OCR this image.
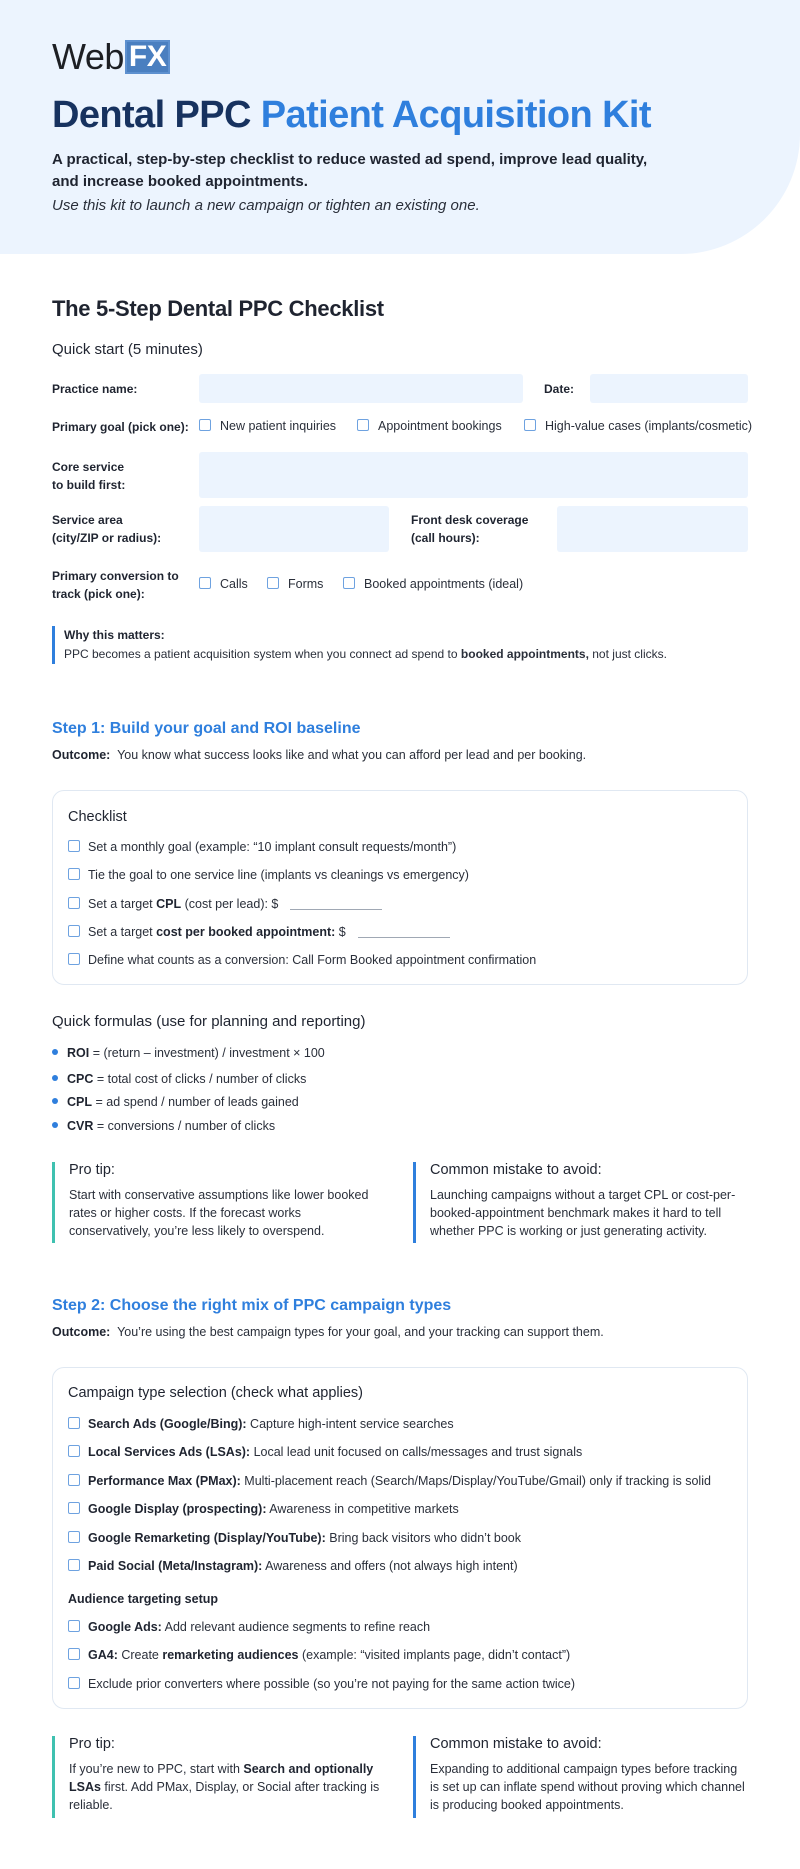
Web FX
Dental PPC Patient Acquisition Kit
A practical, step-by-step checklist to reduce wasted ad spend, improve lead quality, and increase booked appointments.
Use this kit to launch a new campaign or tighten an existing one.
The 5-Step Dental PPC Checklist
Quick start (5 minutes)
Practice name:	Date:
Primary goal (pick one):	New patient inquiries	Appointment bookings	High-value cases (implants/cosmetic)
Core service
to build first:
Service area
(city/ZIP or radius):
Front desk coverage
(call hours):
Primary conversion to
track (pick one):
Calls	Forms	Booked appointments (ideal)
Why this matters:
PPC becomes a patient acquisition system when you connect ad spend to booked appointments, not just clicks.
Step 1: Build your goal and ROI baseline
Outcome: You know what success looks like and what you can afford per lead and per booking.
Checklist
Set a monthly goal (example: “10 implant consult requests/month”)
Tie the goal to one service line (implants vs cleanings vs emergency)
Set a target CPL (cost per lead): $
Set a target cost per booked appointment: $
Define what counts as a conversion: Call Form Booked appointment confirmation
Quick formulas (use for planning and reporting)
ROI = (return – investment) / investment × 100
CPC = total cost of clicks / number of clicks
CPL = ad spend / number of leads gained
CVR = conversions / number of clicks
Pro tip:
Start with conservative assumptions like lower booked rates or higher costs. If the forecast works conservatively, you’re less likely to overspend.
Common mistake to avoid:
Launching campaigns without a target CPL or cost-per-booked-appointment benchmark makes it hard to tell whether PPC is working or just generating activity.
Step 2: Choose the right mix of PPC campaign types
Outcome: You’re using the best campaign types for your goal, and your tracking can support them.
Campaign type selection (check what applies)
Search Ads (Google/Bing): Capture high-intent service searches
Local Services Ads (LSAs): Local lead unit focused on calls/messages and trust signals
Performance Max (PMax): Multi-placement reach (Search/Maps/Display/YouTube/Gmail) only if tracking is solid
Google Display (prospecting): Awareness in competitive markets
Google Remarketing (Display/YouTube): Bring back visitors who didn’t book
Paid Social (Meta/Instagram): Awareness and offers (not always high intent)
Audience targeting setup
Google Ads: Add relevant audience segments to refine reach
GA4: Create remarketing audiences (example: “visited implants page, didn’t contact”)
Exclude prior converters where possible (so you’re not paying for the same action twice)
Pro tip:
If you’re new to PPC, start with Search and optionally LSAs first. Add PMax, Display, or Social after tracking is reliable.
Common mistake to avoid:
Expanding to additional campaign types before tracking is set up can inflate spend without proving which channel is producing booked appointments.
